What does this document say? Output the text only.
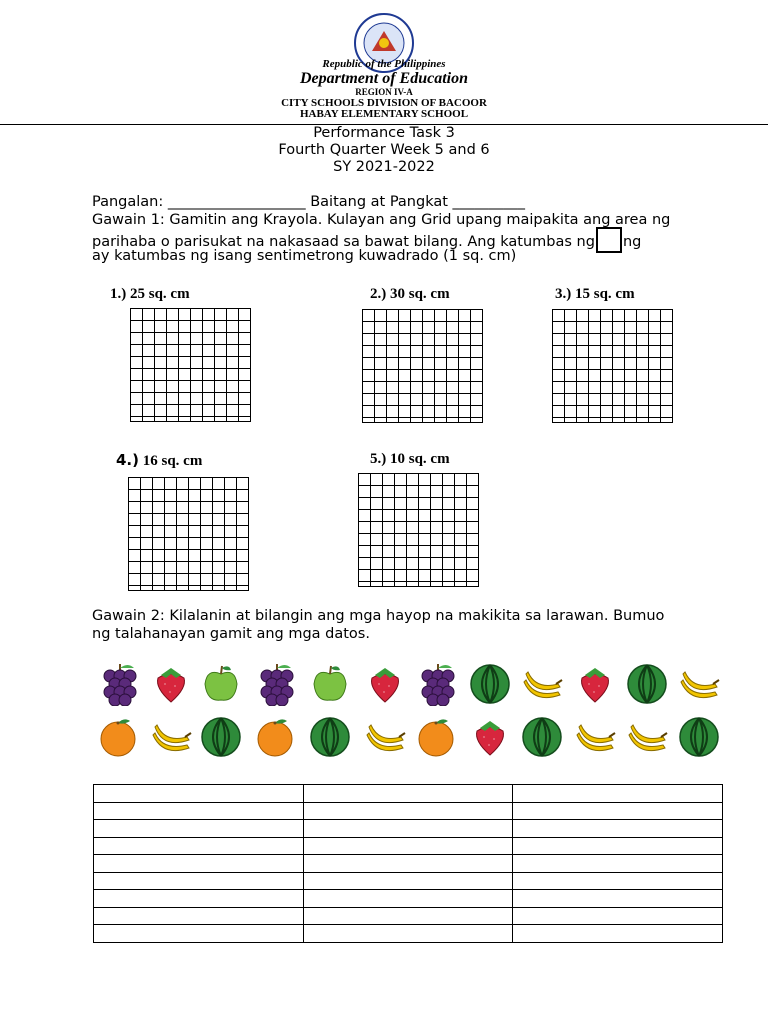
Republic of the Philippines
Department of Education
REGION IV-A
CITY SCHOOLS DIVISION OF BACOOR
HABAY ELEMENTARY SCHOOL
Performance Task 3
Fourth Quarter Week 5 and 6
SY 2021-2022
Pangalan: ___________________ Baitang at Pangkat __________
Gawain 1: Gamitin ang Krayola. Kulayan ang Grid upang maipakita ang area ng
parihaba o parisukat na nakasaad sa bawat bilang. Ang katumbas ng ng
ay katumbas ng isang sentimetrong kuwadrado (1 sq. cm)
1.) 25 sq. cm	2.) 30 sq. cm	3.) 15 sq. cm
4.) 16 sq. cm	5.) 10 sq. cm
Gawain 2: Kilalanin at bilangin ang mga hayop na makikita sa larawan. Bumuo
ng talahanayan gamit ang mga datos.
